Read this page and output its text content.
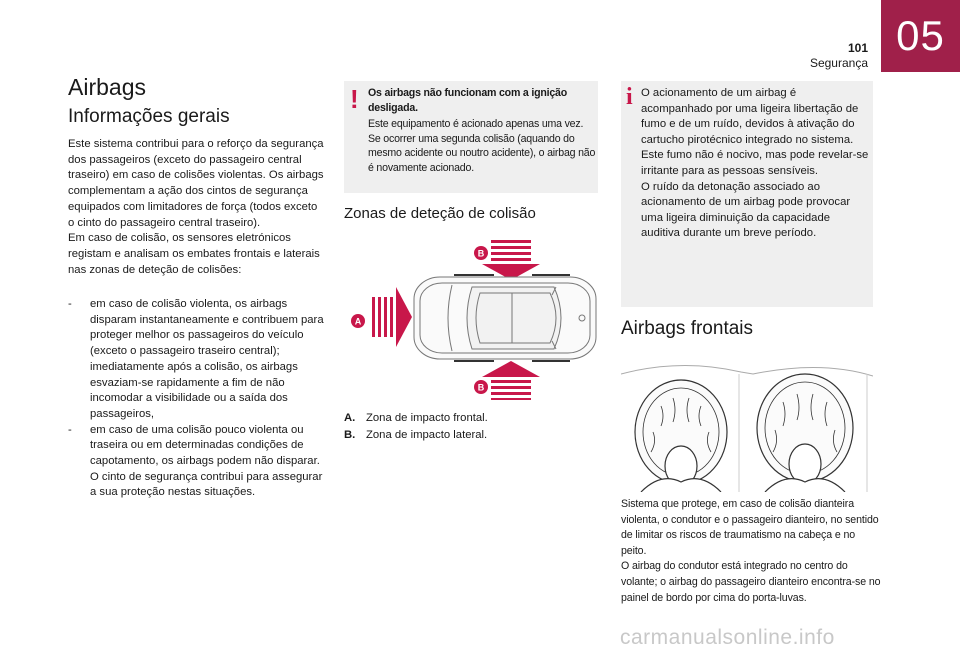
05
101
Segurança
Airbags
Informações gerais
Este sistema contribui para o reforço da segurança dos passageiros (exceto do passageiro central traseiro) em caso de colisões violentas. Os airbags complementam a ação dos cintos de segurança equipados com limitadores de força (todos exceto o cinto do passageiro central traseiro).
Em caso de colisão, os sensores eletrónicos registam e analisam os embates frontais e laterais nas zonas de deteção de colisões:
- em caso de colisão violenta, os airbags disparam instantaneamente e contribuem para proteger melhor os passageiros do veículo (exceto o passageiro traseiro central); imediatamente após a colisão, os airbags esvaziam-se rapidamente a fim de não incomodar a visibilidade ou a saída dos passageiros,
- em caso de uma colisão pouco violenta ou traseira ou em determinadas condições de capotamento, os airbags podem não disparar. O cinto de segurança contribui para assegurar a sua proteção nestas situações.
! Os airbags não funcionam com a ignição desligada.
Este equipamento é acionado apenas uma vez. Se ocorrer uma segunda colisão (aquando do mesmo acidente ou noutro acidente), o airbag não é novamente acionado.
Zonas de deteção de colisão
B
A
B
A. Zona de impacto frontal.
B. Zona de impacto lateral.
i O acionamento de um airbag é acompanhado por uma ligeira libertação de fumo e de um ruído, devidos à ativação do cartucho pirotécnico integrado no sistema.
Este fumo não é nocivo, mas pode revelar-se irritante para as pessoas sensíveis.
O ruído da detonação associado ao acionamento de um airbag pode provocar uma ligeira diminuição da capacidade auditiva durante um breve período.
Airbags frontais
Sistema que protege, em caso de colisão dianteira violenta, o condutor e o passageiro dianteiro, no sentido de limitar os riscos de traumatismo na cabeça e no peito.
O airbag do condutor está integrado no centro do volante; o airbag do passageiro dianteiro encontra-se no painel de bordo por cima do porta-luvas.
carmanualsonline.info
